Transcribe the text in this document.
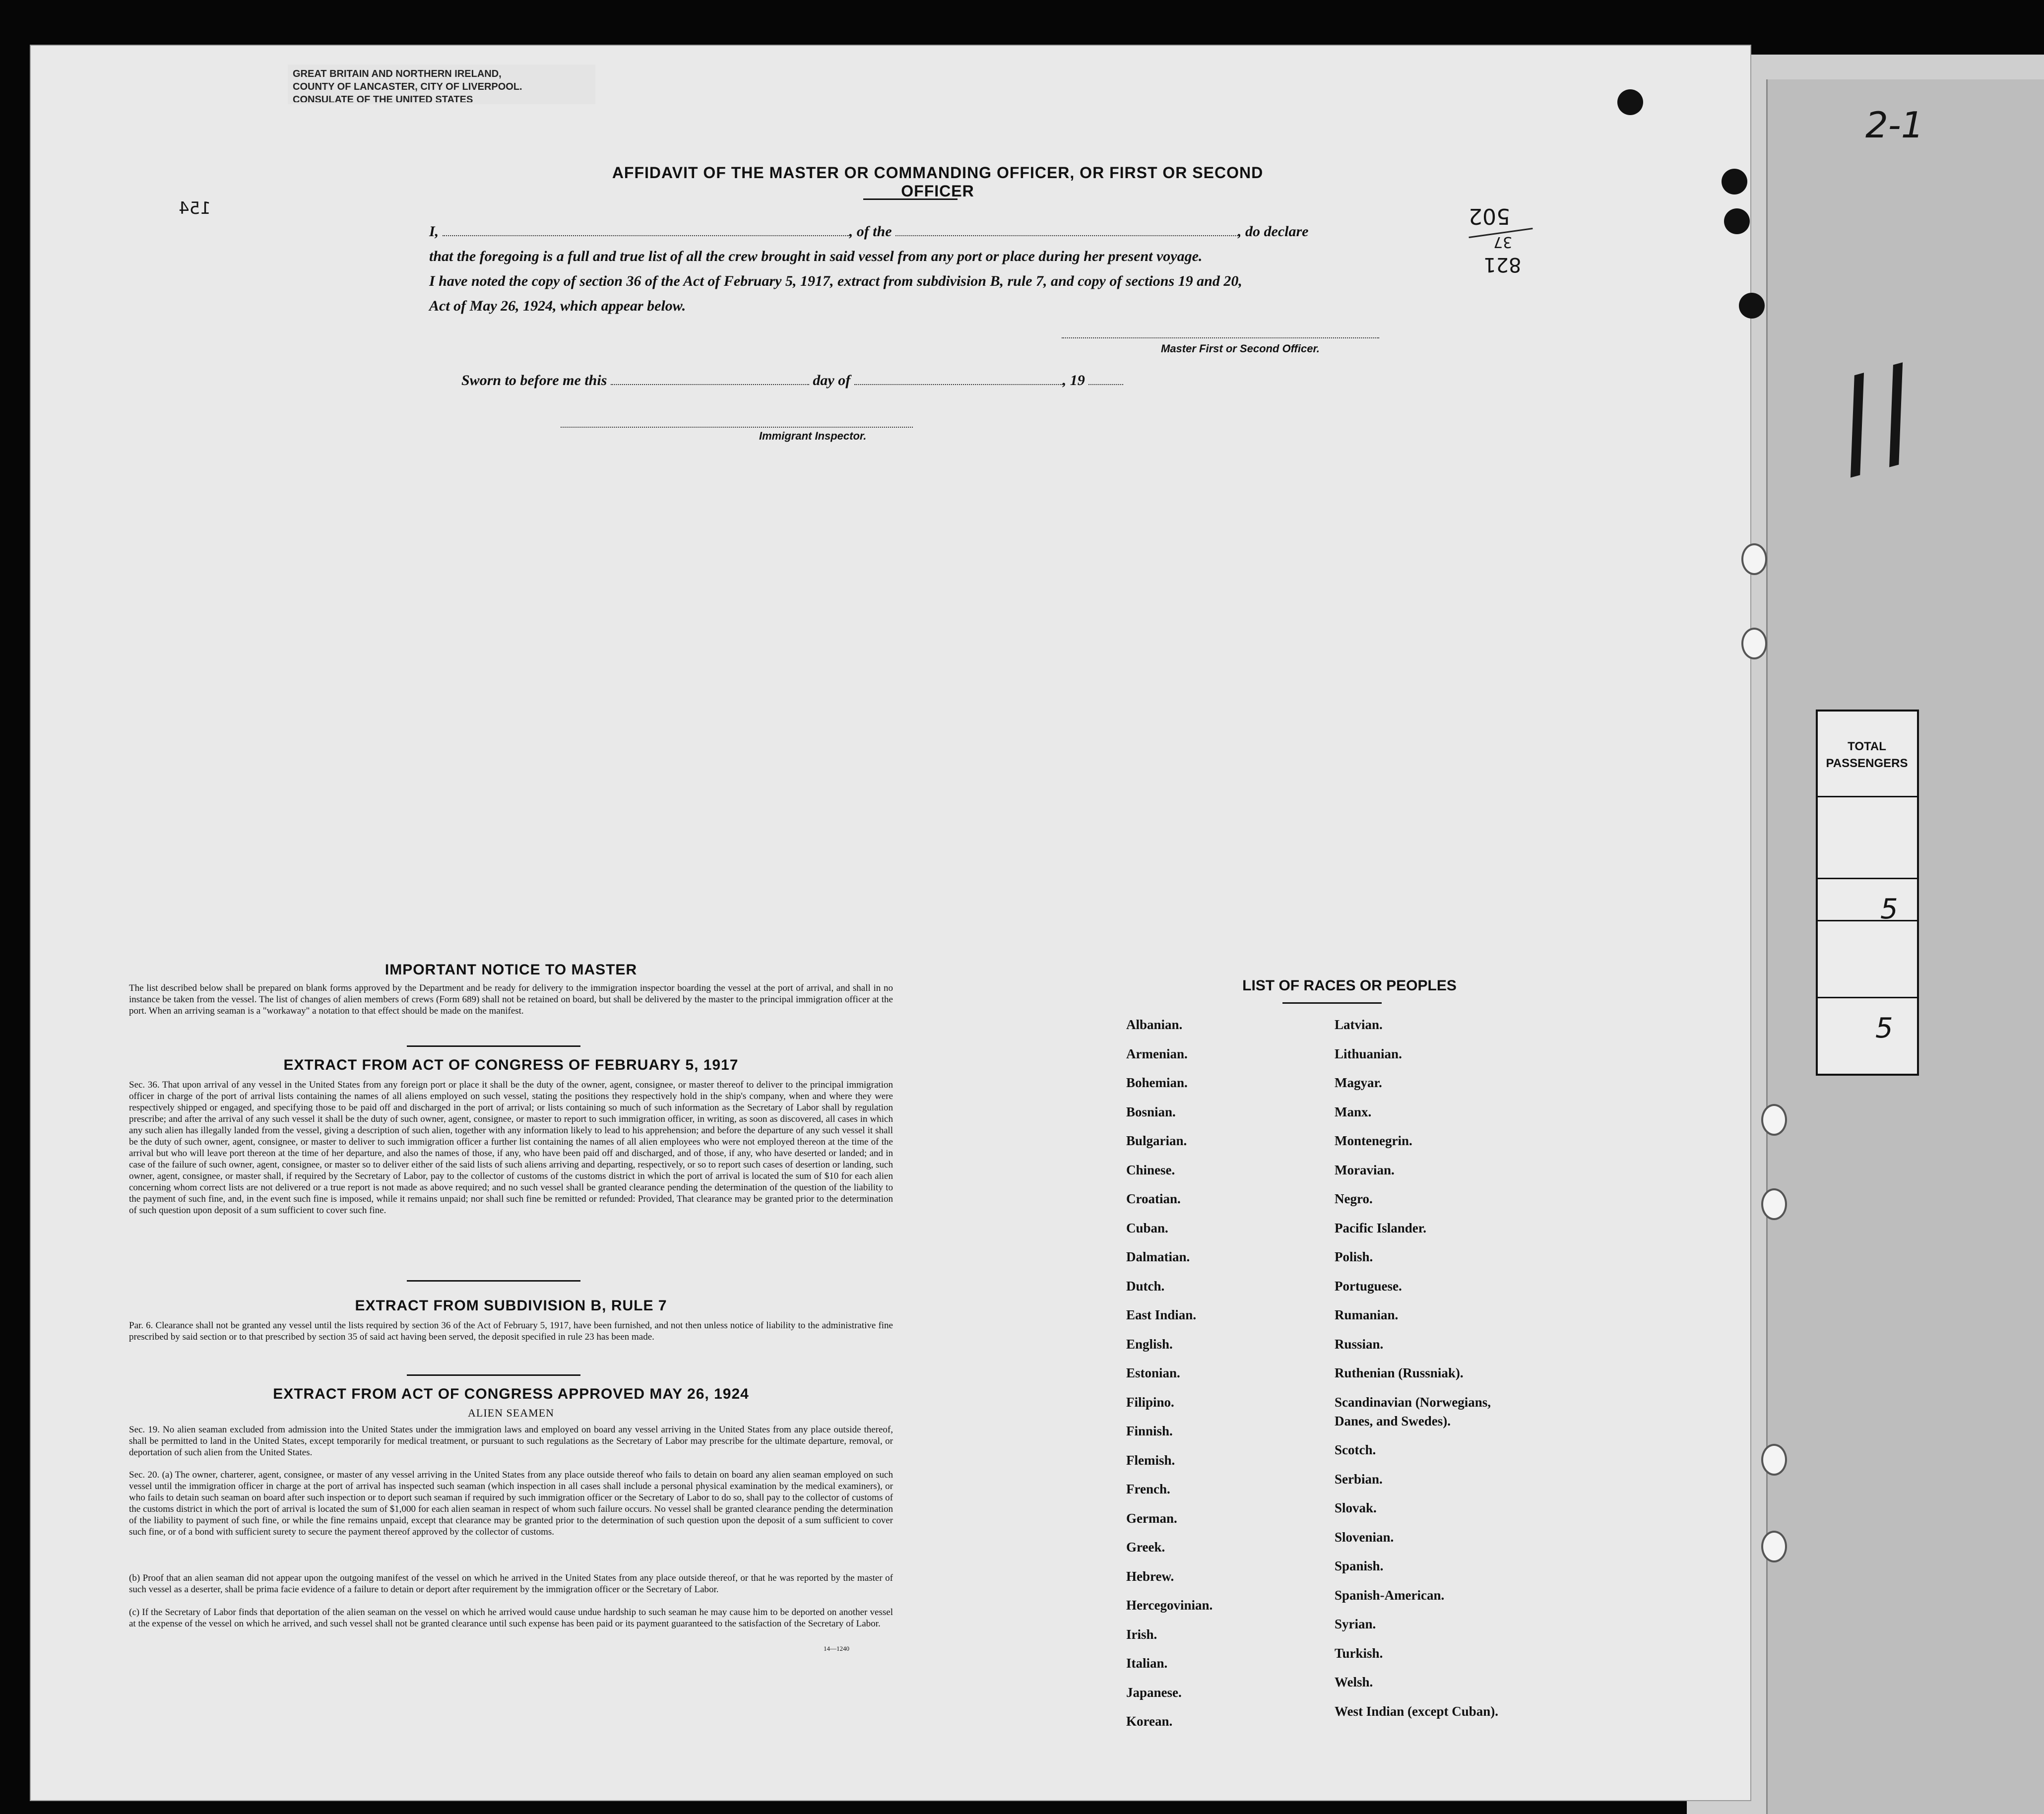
GREAT BRITAIN AND NORTHERN IRELAND,
COUNTY OF LANCASTER, CITY OF LIVERPOOL.
CONSULATE OF THE UNITED STATES
154
AFFIDAVIT OF THE MASTER OR COMMANDING OFFICER, OR FIRST OR SECOND OFFICER
I,	, of the	, do declare
that the foregoing is a full and true list of all the crew brought in said vessel from any port or place during her present voyage.
I have noted the copy of section 36 of the Act of February 5, 1917, extract from subdivision B, rule 7, and copy of sections 19 and 20,
Act of May 26, 1924, which appear below.
Master First or Second Officer.
Sworn to before me this	day of	, 19
Immigrant Inspector.
502
37
821
IMPORTANT NOTICE TO MASTER
The list described below shall be prepared on blank forms approved by the Department and be ready for delivery to the immigration inspector boarding the vessel at the port of arrival, and shall in no instance be taken from the vessel. The list of changes of alien members of crews (Form 689) shall not be retained on board, but shall be delivered by the master to the principal immigration officer at the port. When an arriving seaman is a "workaway" a notation to that effect should be made on the manifest.
EXTRACT FROM ACT OF CONGRESS OF FEBRUARY 5, 1917
Sec. 36. That upon arrival of any vessel in the United States from any foreign port or place it shall be the duty of the owner, agent, consignee, or master thereof to deliver to the principal immigration officer in charge of the port of arrival lists containing the names of all aliens employed on such vessel, stating the positions they respectively hold in the ship's company, when and where they were respectively shipped or engaged, and specifying those to be paid off and discharged in the port of arrival; or lists containing so much of such information as the Secretary of Labor shall by regulation prescribe; and after the arrival of any such vessel it shall be the duty of such owner, agent, consignee, or master to report to such immigration officer, in writing, as soon as discovered, all cases in which any such alien has illegally landed from the vessel, giving a description of such alien, together with any information likely to lead to his apprehension; and before the departure of any such vessel it shall be the duty of such owner, agent, consignee, or master to deliver to such immigration officer a further list containing the names of all alien employees who were not employed thereon at the time of the arrival but who will leave port thereon at the time of her departure, and also the names of those, if any, who have been paid off and discharged, and of those, if any, who have deserted or landed; and in case of the failure of such owner, agent, consignee, or master so to deliver either of the said lists of such aliens arriving and departing, respectively, or so to report such cases of desertion or landing, such owner, agent, consignee, or master shall, if required by the Secretary of Labor, pay to the collector of customs of the customs district in which the port of arrival is located the sum of $10 for each alien concerning whom correct lists are not delivered or a true report is not made as above required; and no such vessel shall be granted clearance pending the determination of the question of the liability to the payment of such fine, and, in the event such fine is imposed, while it remains unpaid; nor shall such fine be remitted or refunded: Provided, That clearance may be granted prior to the determination of such question upon deposit of a sum sufficient to cover such fine.
EXTRACT FROM SUBDIVISION B, RULE 7
Par. 6. Clearance shall not be granted any vessel until the lists required by section 36 of the Act of February 5, 1917, have been furnished, and not then unless notice of liability to the administrative fine prescribed by said section or to that prescribed by section 35 of said act having been served, the deposit specified in rule 23 has been made.
EXTRACT FROM ACT OF CONGRESS APPROVED MAY 26, 1924
ALIEN SEAMEN
Sec. 19. No alien seaman excluded from admission into the United States under the immigration laws and employed on board any vessel arriving in the United States from any place outside thereof, shall be permitted to land in the United States, except temporarily for medical treatment, or pursuant to such regulations as the Secretary of Labor may prescribe for the ultimate departure, removal, or deportation of such alien from the United States.
Sec. 20. (a) The owner, charterer, agent, consignee, or master of any vessel arriving in the United States from any place outside thereof who fails to detain on board any alien seaman employed on such vessel until the immigration officer in charge at the port of arrival has inspected such seaman (which inspection in all cases shall include a personal physical examination by the medical examiners), or who fails to detain such seaman on board after such inspection or to deport such seaman if required by such immigration officer or the Secretary of Labor to do so, shall pay to the collector of customs of the customs district in which the port of arrival is located the sum of $1,000 for each alien seaman in respect of whom such failure occurs. No vessel shall be granted clearance pending the determination of the liability to payment of such fine, or while the fine remains unpaid, except that clearance may be granted prior to the determination of such question upon the deposit of a sum sufficient to cover such fine, or of a bond with sufficient surety to secure the payment thereof approved by the collector of customs.
(b) Proof that an alien seaman did not appear upon the outgoing manifest of the vessel on which he arrived in the United States from any place outside thereof, or that he was reported by the master of such vessel as a deserter, shall be prima facie evidence of a failure to detain or deport after requirement by the immigration officer or the Secretary of Labor.
(c) If the Secretary of Labor finds that deportation of the alien seaman on the vessel on which he arrived would cause undue hardship to such seaman he may cause him to be deported on another vessel at the expense of the vessel on which he arrived, and such vessel shall not be granted clearance until such expense has been paid or its payment guaranteed to the satisfaction of the Secretary of Labor.
14—1240
LIST OF RACES OR PEOPLES
Albanian.
Armenian.
Bohemian.
Bosnian.
Bulgarian.
Chinese.
Croatian.
Cuban.
Dalmatian.
Dutch.
East Indian.
English.
Estonian.
Filipino.
Finnish.
Flemish.
French.
German.
Greek.
Hebrew.
Hercegovinian.
Irish.
Italian.
Japanese.
Korean.
Latvian.
Lithuanian.
Magyar.
Manx.
Montenegrin.
Moravian.
Negro.
Pacific Islander.
Polish.
Portuguese.
Rumanian.
Russian.
Ruthenian (Russniak).
Scandinavian (Norwegians,
Danes, and Swedes).
Scotch.
Serbian.
Slovak.
Slovenian.
Spanish.
Spanish-American.
Syrian.
Turkish.
Welsh.
West Indian (except Cuban).
2-1
//
TOTAL
PASSENGERS
5
5
